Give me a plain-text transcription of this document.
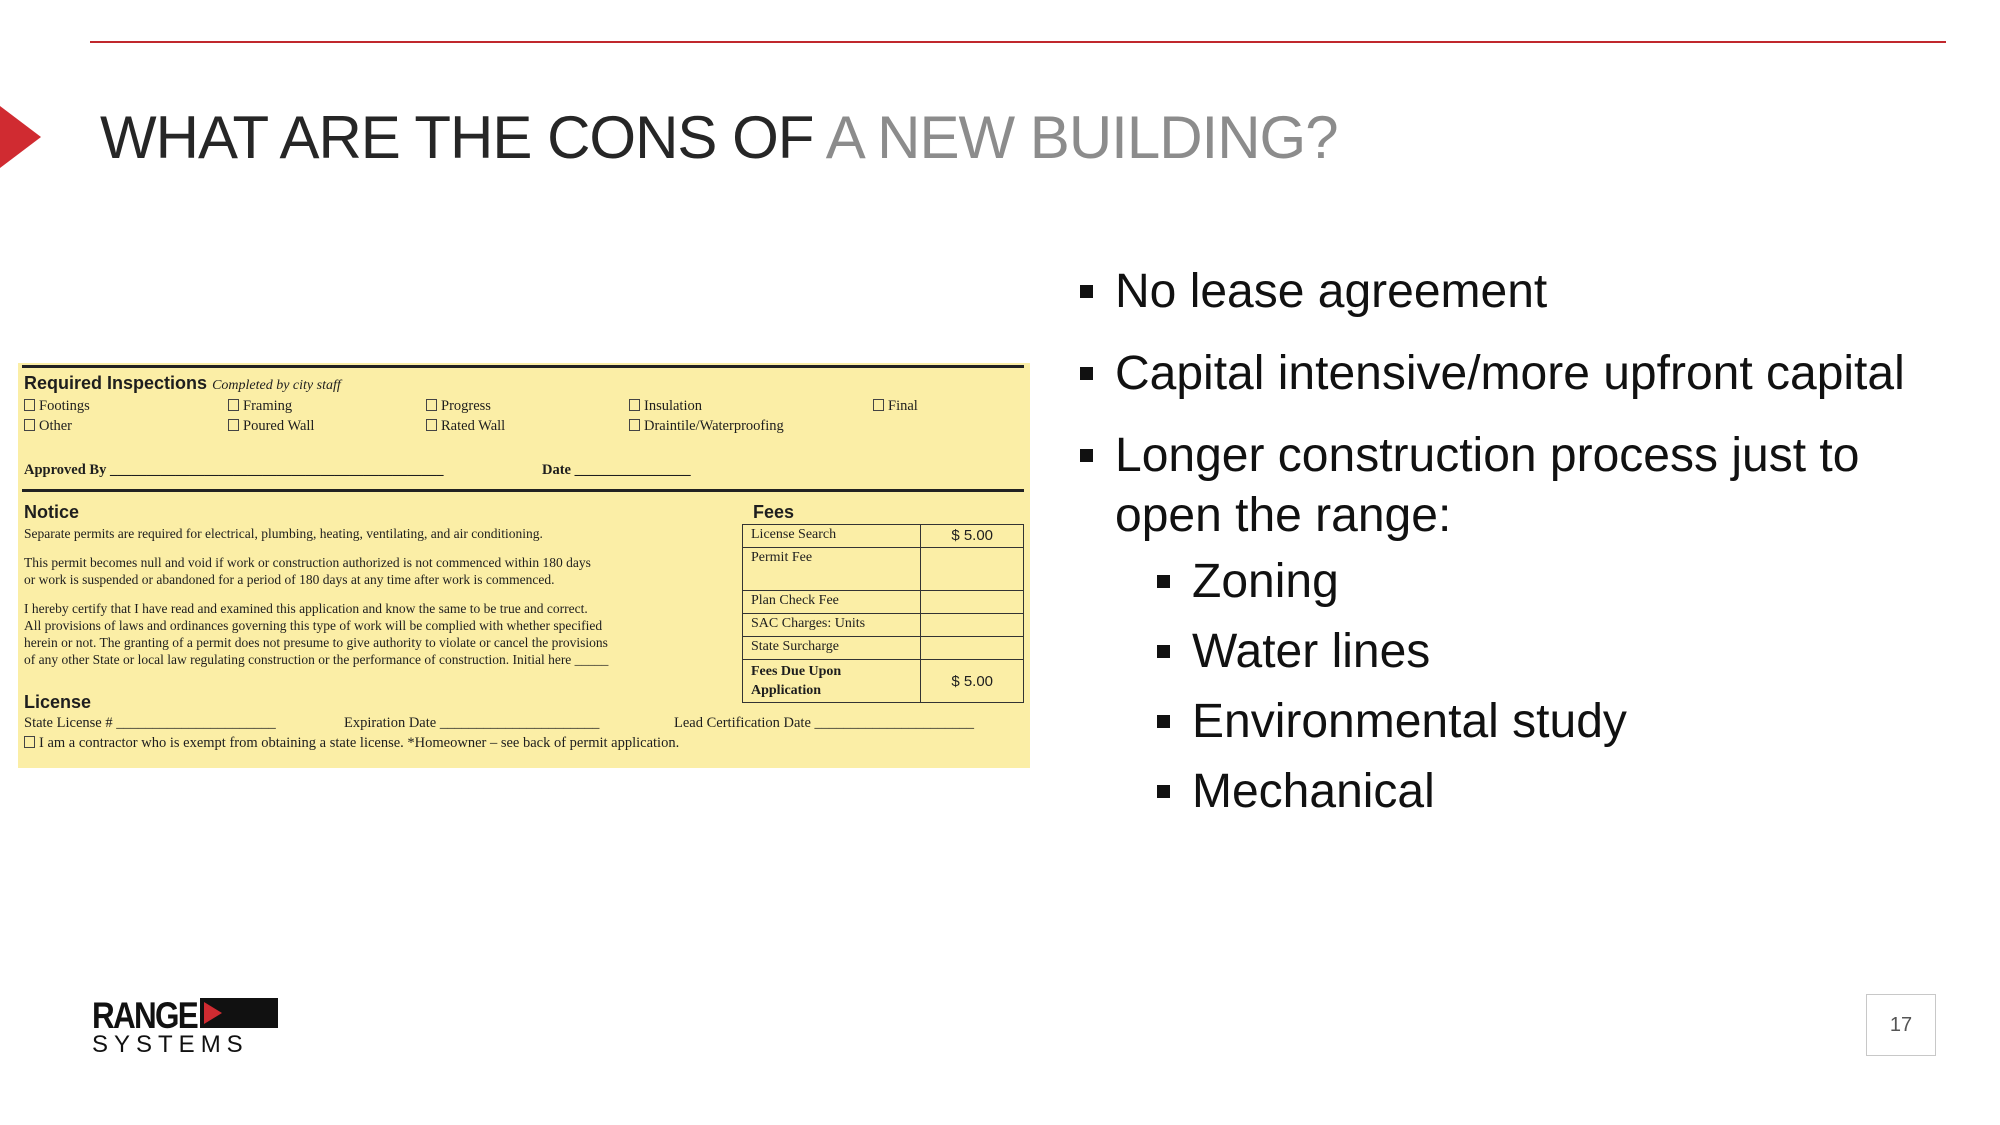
WHAT ARE THE CONS OF A NEW BUILDING?
Required Inspections Completed by city staff
Footings	Framing	Progress	Insulation	Final
Other	Poured Wall	Rated Wall	Draintile/Waterproofing
Approved By ______________________________________________	Date ________________
Notice
Separate permits are required for electrical, plumbing, heating, ventilating, and air conditioning.
This permit becomes null and void if work or construction authorized is not commenced within 180 days
or work is suspended or abandoned for a period of 180 days at any time after work is commenced.
I hereby certify that I have read and examined this application and know the same to be true and correct.
All provisions of laws and ordinances governing this type of work will be complied with whether specified
herein or not. The granting of a permit does not presume to give authority to violate or cancel the provisions
of any other State or local law regulating construction or the performance of construction. Initial here _____
Fees
License Search	$ 5.00
Permit Fee	
Plan Check Fee	
SAC Charges: Units	
State Surcharge	
Fees Due Upon Application	$ 5.00
License
State License # ______________________	Expiration Date ______________________	Lead Certification Date ______________________
I am a contractor who is exempt from obtaining a state license. *Homeowner – see back of permit application.
No lease agreement
Capital intensive/more upfront capital
Longer construction process just to open the range:
Zoning
Water lines
Environmental study
Mechanical
RANGE
SYSTEMS
17
